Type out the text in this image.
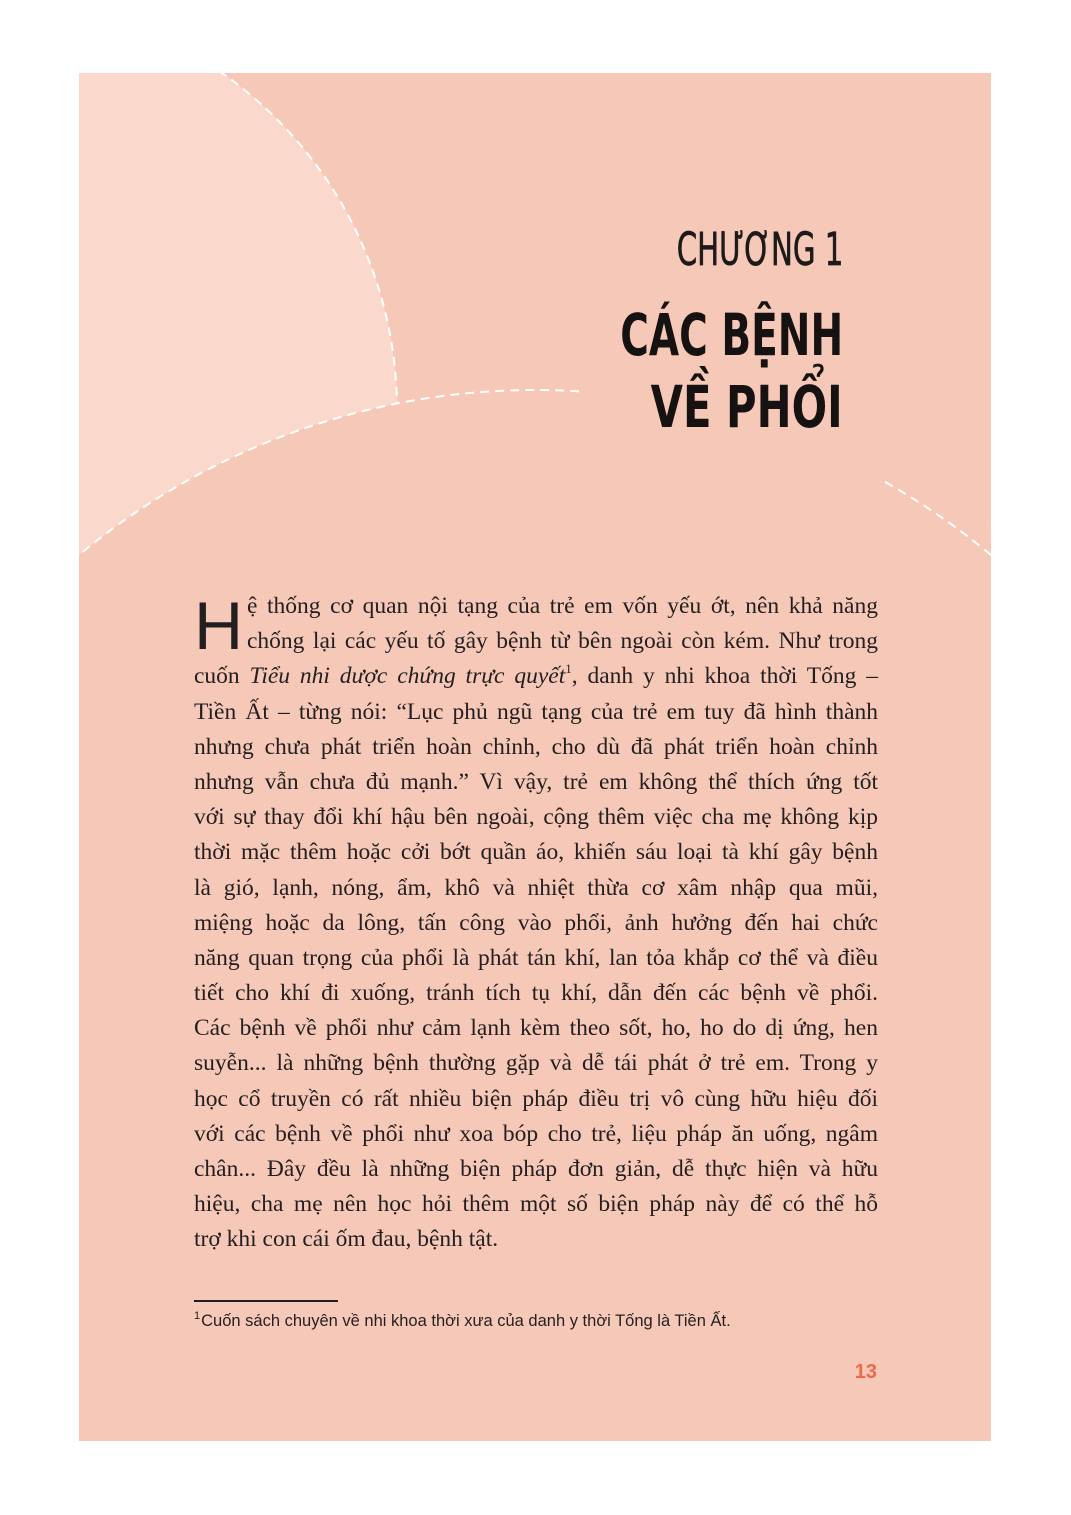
CHƯƠNG 1
CÁC BỆNH
VỀ PHỔI
H ệ thống cơ quan nội tạng của trẻ em vốn yếu ớt, nên khả năng
chống lại các yếu tố gây bệnh từ bên ngoài còn kém. Như trong
cuốn Tiểu nhi dược chứng trực quyết$^1$, danh y nhi khoa thời Tống –
Tiền Ất – từng nói: “Lục phủ ngũ tạng của trẻ em tuy đã hình thành
nhưng chưa phát triển hoàn chỉnh, cho dù đã phát triển hoàn chỉnh
nhưng vẫn chưa đủ mạnh.” Vì vậy, trẻ em không thể thích ứng tốt
với sự thay đổi khí hậu bên ngoài, cộng thêm việc cha mẹ không kịp
thời mặc thêm hoặc cởi bớt quần áo, khiến sáu loại tà khí gây bệnh
là gió, lạnh, nóng, ẩm, khô và nhiệt thừa cơ xâm nhập qua mũi,
miệng hoặc da lông, tấn công vào phổi, ảnh hưởng đến hai chức
năng quan trọng của phổi là phát tán khí, lan tỏa khắp cơ thể và điều
tiết cho khí đi xuống, tránh tích tụ khí, dẫn đến các bệnh về phổi.
Các bệnh về phổi như cảm lạnh kèm theo sốt, ho, ho do dị ứng, hen
suyễn... là những bệnh thường gặp và dễ tái phát ở trẻ em. Trong y
học cổ truyền có rất nhiều biện pháp điều trị vô cùng hữu hiệu đối
với các bệnh về phổi như xoa bóp cho trẻ, liệu pháp ăn uống, ngâm
chân... Đây đều là những biện pháp đơn giản, dễ thực hiện và hữu
hiệu, cha mẹ nên học hỏi thêm một số biện pháp này để có thể hỗ
trợ khi con cái ốm đau, bệnh tật.
$^1$Cuốn sách chuyên về nhi khoa thời xưa của danh y thời Tống là Tiền Ất.
13
